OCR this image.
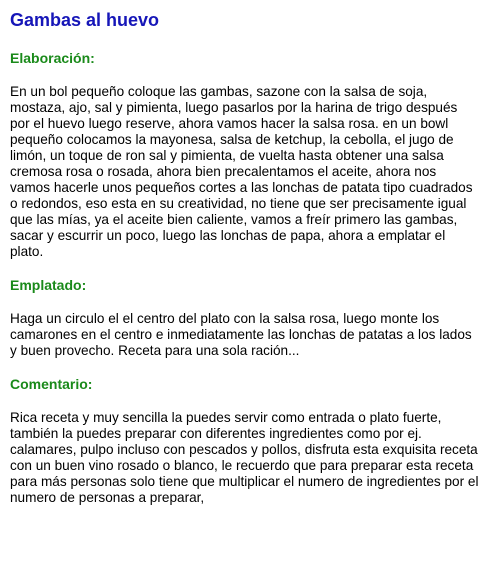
Gambas al huevo
Elaboración:

En un bol pequeño coloque las gambas, sazone con la salsa de soja, mostaza, ajo, sal y pimienta, luego pasarlos por la harina de trigo después por el huevo luego reserve, ahora vamos hacer la salsa rosa. en un bowl pequeño colocamos la mayonesa, salsa de ketchup, la cebolla, el jugo de limón, un toque de ron sal y pimienta, de vuelta hasta obtener una salsa cremosa rosa o rosada, ahora bien precalentamos el aceite, ahora nos vamos hacerle unos pequeños cortes a las lonchas de patata tipo cuadrados o redondos, eso esta en su creatividad, no tiene que ser precisamente igual que las mías, ya el aceite bien caliente, vamos a freír primero las gambas, sacar y escurrir un poco, luego las lonchas de papa, ahora a emplatar el plato.

Emplatado:

Haga un circulo el el centro del plato con la salsa rosa, luego monte los camarones en el centro e inmediatamente las lonchas de patatas a los lados y buen provecho. Receta para una sola ración...

Comentario:

Rica receta y muy sencilla la puedes servir como entrada o plato fuerte, también la puedes preparar con diferentes ingredientes como por ej. calamares, pulpo incluso con pescados y pollos, disfruta esta exquisita receta con un buen vino rosado o blanco, le recuerdo que para preparar esta receta para más personas solo tiene que multiplicar el numero de ingredientes por el numero de personas a preparar,
